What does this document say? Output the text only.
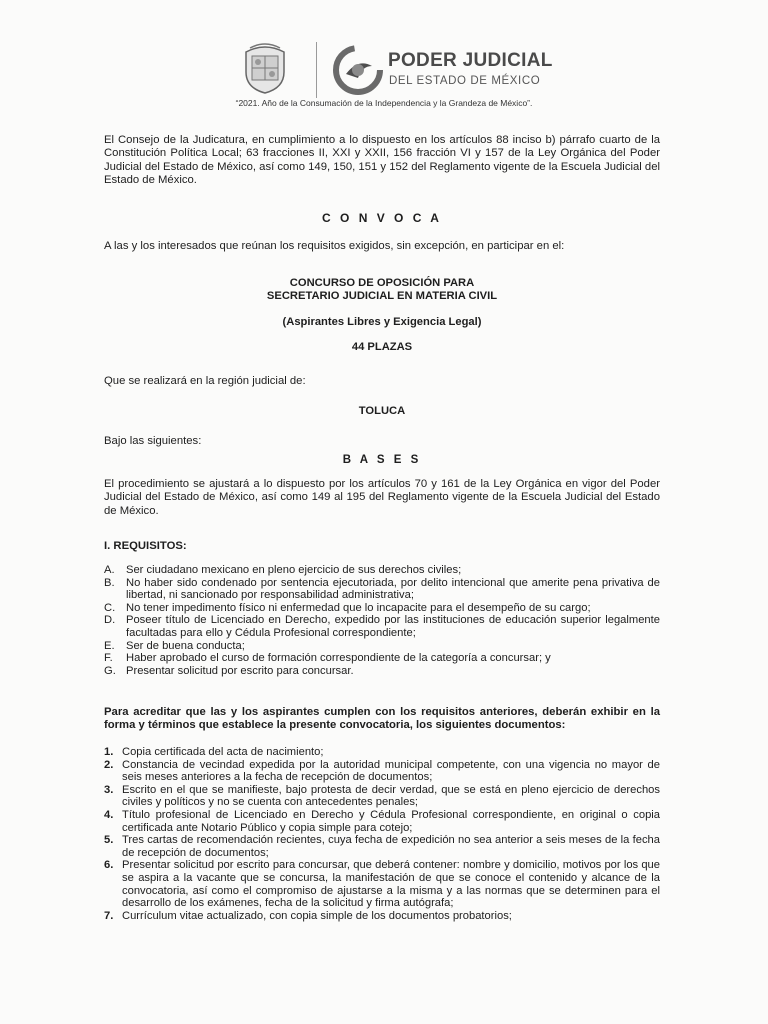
PODER JUDICIAL
DEL ESTADO DE MÉXICO
“2021. Año de la Consumación de la Independencia y la Grandeza de México”.

El Consejo de la Judicatura, en cumplimiento a lo dispuesto en los artículos 88 inciso b) párrafo cuarto de la Constitución Política Local; 63 fracciones II, XXI y XXII, 156 fracción VI y 157 de la Ley Orgánica del Poder Judicial del Estado de México, así como 149, 150, 151 y 152 del Reglamento vigente de la Escuela Judicial del Estado de México.

C O N V O C A

A las y los interesados que reúnan los requisitos exigidos, sin excepción, en participar en el:

CONCURSO DE OPOSICIÓN PARA
SECRETARIO JUDICIAL EN MATERIA CIVIL
(Aspirantes Libres y Exigencia Legal)
44 PLAZAS

Que se realizará en la región judicial de:

TOLUCA

Bajo las siguientes:

B A S E S

El procedimiento se ajustará a lo dispuesto por los artículos 70 y 161 de la Ley Orgánica en vigor del Poder Judicial del Estado de México, así como 149 al 195 del Reglamento vigente de la Escuela Judicial del Estado de México.

I. REQUISITOS:
A.	Ser ciudadano mexicano en pleno ejercicio de sus derechos civiles;
B.	No haber sido condenado por sentencia ejecutoriada, por delito intencional que amerite pena privativa de libertad, ni sancionado por responsabilidad administrativa;
C. No tener impedimento físico ni enfermedad que lo incapacite para el desempeño de su cargo;
D. Poseer título de Licenciado en Derecho, expedido por las instituciones de educación superior legalmente facultadas para ello y Cédula Profesional correspondiente;
E.	Ser de buena conducta;
F.	Haber aprobado el curso de formación correspondiente de la categoría a concursar; y
G. Presentar solicitud por escrito para concursar.

Para acreditar que las y los aspirantes cumplen con los requisitos anteriores, deberán exhibir en la forma y términos que establece la presente convocatoria, los siguientes documentos:

1. Copia certificada del acta de nacimiento;
2. Constancia de vecindad expedida por la autoridad municipal competente, con una vigencia no mayor de seis meses anteriores a la fecha de recepción de documentos;
3. Escrito en el que se manifieste, bajo protesta de decir verdad, que se está en pleno ejercicio de derechos civiles y políticos y no se cuenta con antecedentes penales;
4. Título profesional de Licenciado en Derecho y Cédula Profesional correspondiente, en original o copia certificada ante Notario Público y copia simple para cotejo;
5. Tres cartas de recomendación recientes, cuya fecha de expedición no sea anterior a seis meses de la fecha de recepción de documentos;
6. Presentar solicitud por escrito para concursar, que deberá contener: nombre y domicilio, motivos por los que se aspira a la vacante que se concursa, la manifestación de que se conoce el contenido y alcance de la convocatoria, así como el compromiso de ajustarse a la misma y a las normas que se determinen para el desarrollo de los exámenes, fecha de la solicitud y firma autógrafa;
7. Currículum vitae actualizado, con copia simple de los documentos probatorios;
